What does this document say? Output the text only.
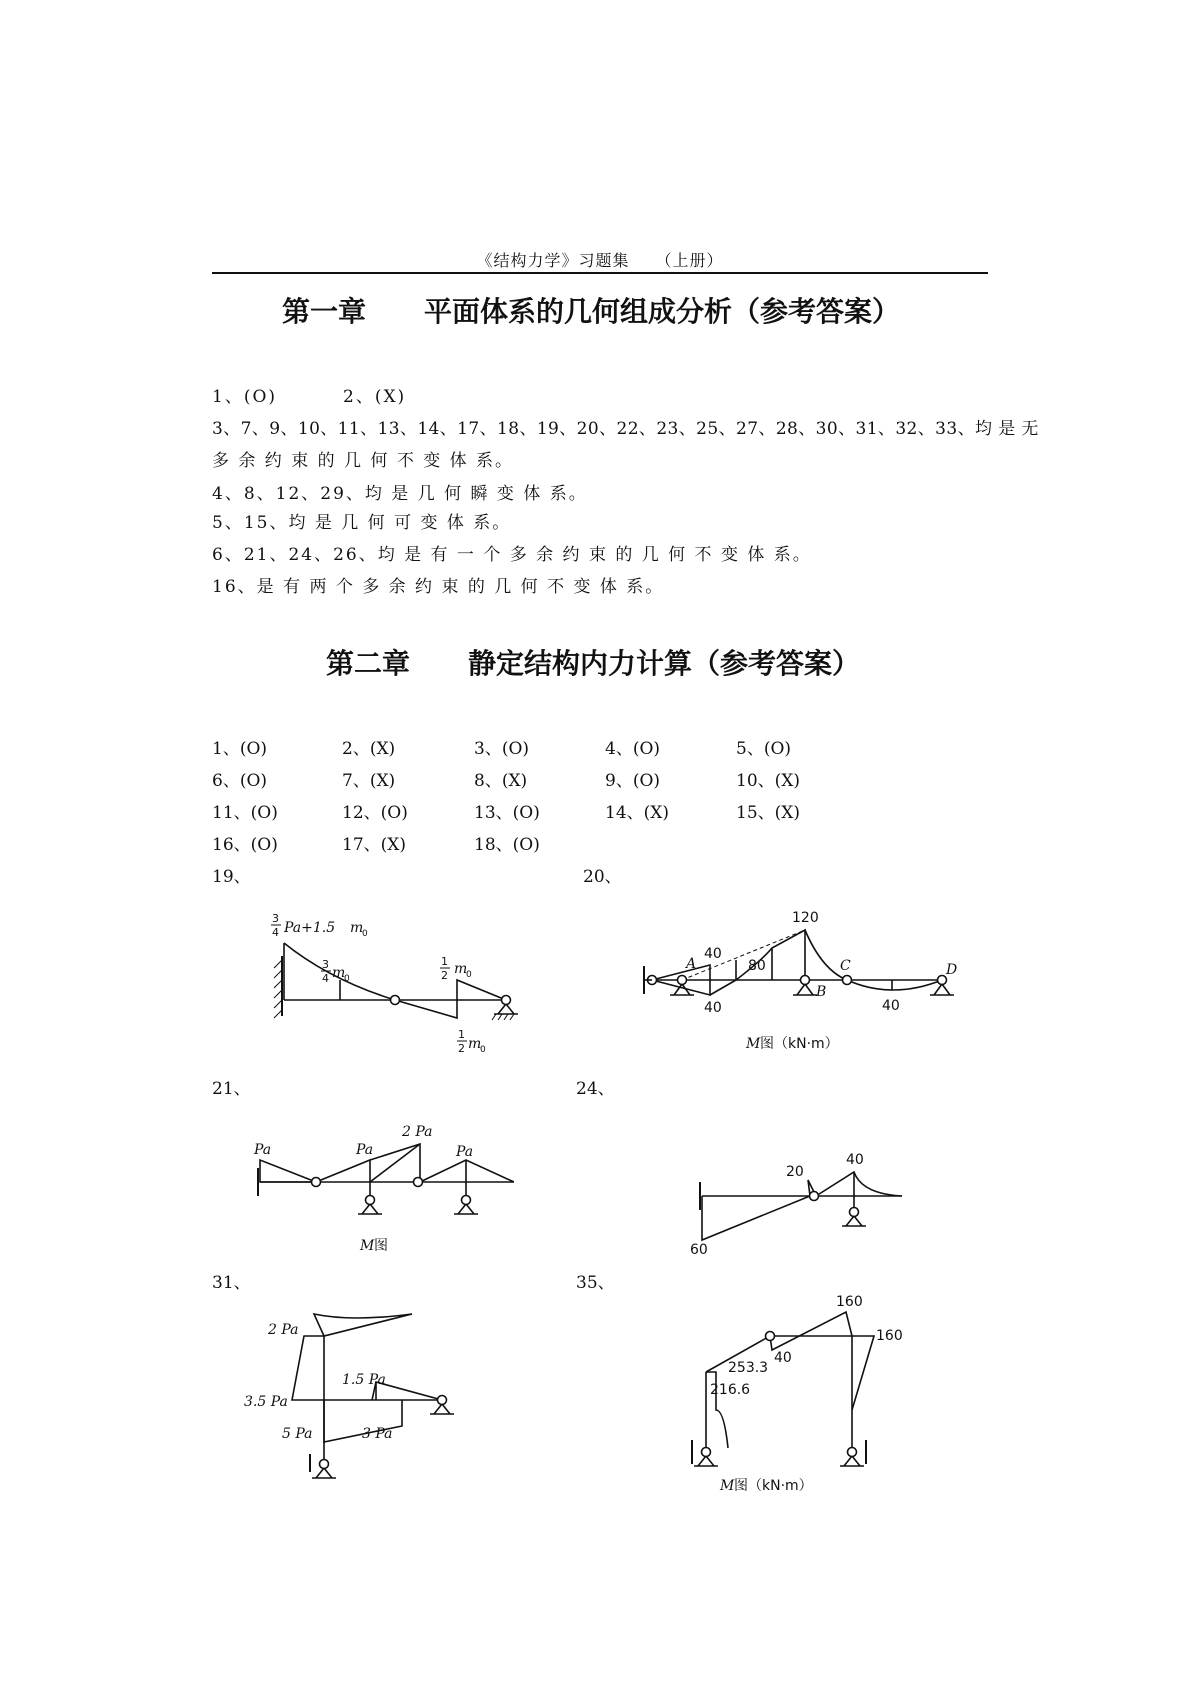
《结构力学》习题集　　（上册）
第一章 平面体系的几何组成分析（参考答案）
1、(O)	2、(X)
3、7、9、10、11、13、14、17、18、19、20、22、23、25、27、28、30、31、32、33、均 是 无
多 余 约 束 的 几 何 不 变 体 系。
4、8、12、29、均 是 几 何 瞬 变 体 系。
5、15、均 是 几 何 可 变 体 系。
6、21、24、26、均 是 有 一 个 多 余 约 束 的 几 何 不 变 体 系。
16、是 有 两 个 多 余 约 束 的 几 何 不 变 体 系。
第二章 静定结构内力计算（参考答案）
1、(O)	2、(X)	3、(O)	4、(O)	5、(O)
6、(O)	7、(X)	8、(X)	9、(O)	10、(X)
11、(O)	12、(O)	13、(O)	14、(X)	15、(X)
16、(O)	17、(X)	18、(O)
19、	20、
21、	24、
31、	35、
3
4 Pa+1.5 m
0
3
4 m
0
1
2 m
0
1
2 m
0
120
40
80
40	40
A
B
C	D
M 图（kN·m）
Pa	Pa
2 Pa
Pa
M 图
20
40
60
2 Pa
1.5 Pa
3.5 Pa
5 Pa	3 Pa
160
160
40
253.3
216.6
M 图（kN·m）
